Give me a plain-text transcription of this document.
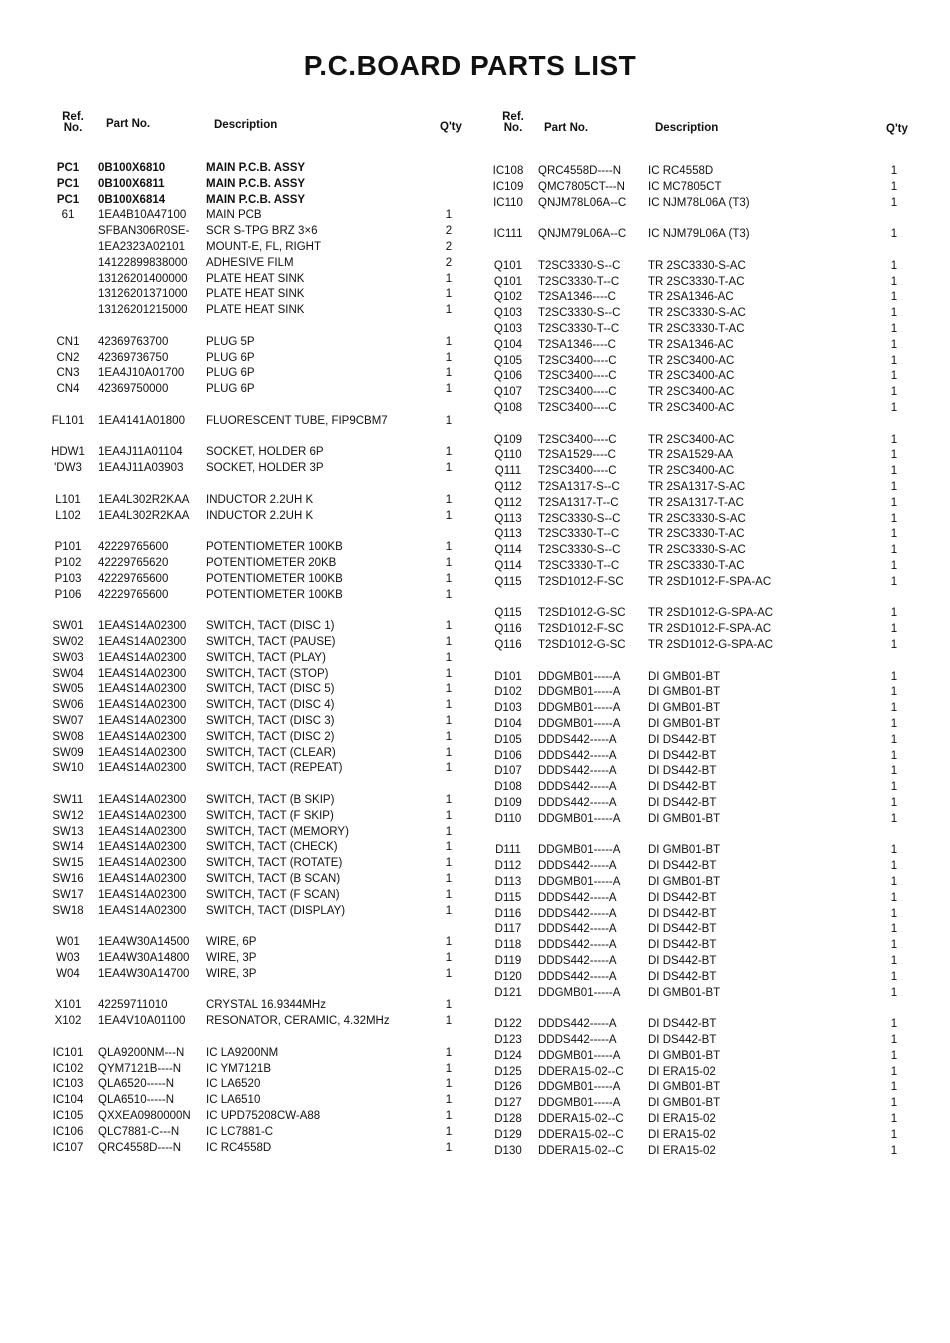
P.C.BOARD PARTS LIST
Ref. No.	Part No.	Description	Q'ty
PC1	0B100X6810	MAIN P.C.B. ASSY
PC1	0B100X6811	MAIN P.C.B. ASSY
PC1	0B100X6814	MAIN P.C.B. ASSY
61	1EA4B10A47100 MAIN PCB	1
SFBAN306R0SE- SCR S-TPG BRZ 3×6	2
1EA2323A02101 MOUNT-E, FL, RIGHT	2
14122899838000 ADHESIVE FILM	2
13126201400000 PLATE HEAT SINK	1
13126201371000 PLATE HEAT SINK	1
13126201215000 PLATE HEAT SINK	1
CN1	42369763700	PLUG 5P	1
CN2	42369736750	PLUG 6P	1
CN3	1EA4J10A01700 PLUG 6P	1
CN4	42369750000	PLUG 6P	1
FL101	1EA4141A01800 FLUORESCENT TUBE, FIP9CBM7	1
HDW1 1EA4J11A01104 SOCKET, HOLDER 6P	1
'DW3	1EA4J11A03903 SOCKET, HOLDER 3P	1
L101	1EA4L302R2KAA INDUCTOR 2.2UH K	1
L102	1EA4L302R2KAA INDUCTOR 2.2UH K	1
P101	42229765600	POTENTIOMETER 100KB	1
P102	42229765620	POTENTIOMETER 20KB	1
P103	42229765600	POTENTIOMETER 100KB	1
P106	42229765600	POTENTIOMETER 100KB	1
SW01	1EA4S14A02300 SWITCH, TACT (DISC 1)	1
SW02	1EA4S14A02300 SWITCH, TACT (PAUSE)	1
SW03	1EA4S14A02300 SWITCH, TACT (PLAY)	1
SW04	1EA4S14A02300 SWITCH, TACT (STOP)	1
SW05	1EA4S14A02300 SWITCH, TACT (DISC 5)	1
SW06	1EA4S14A02300 SWITCH, TACT (DISC 4)	1
SW07	1EA4S14A02300 SWITCH, TACT (DISC 3)	1
SW08	1EA4S14A02300 SWITCH, TACT (DISC 2)	1
SW09	1EA4S14A02300 SWITCH, TACT (CLEAR)	1
SW10	1EA4S14A02300 SWITCH, TACT (REPEAT)	1
SW11	1EA4S14A02300 SWITCH, TACT (B SKIP)	1
SW12	1EA4S14A02300 SWITCH, TACT (F SKIP)	1
SW13	1EA4S14A02300 SWITCH, TACT (MEMORY)	1
SW14	1EA4S14A02300 SWITCH, TACT (CHECK)	1
SW15	1EA4S14A02300 SWITCH, TACT (ROTATE)	1
SW16	1EA4S14A02300 SWITCH, TACT (B SCAN)	1
SW17	1EA4S14A02300 SWITCH, TACT (F SCAN)	1
SW18	1EA4S14A02300 SWITCH, TACT (DISPLAY)	1
W01	1EA4W30A14500 WIRE, 6P	1
W03	1EA4W30A14800 WIRE, 3P	1
W04	1EA4W30A14700 WIRE, 3P	1
X101	42259711010	CRYSTAL 16.9344MHz	1
X102	1EA4V10A01100 RESONATOR, CERAMIC, 4.32MHz	1
IC101	QLA9200NM---N IC LA9200NM	1
IC102	QYM7121B----N IC YM7121B	1
IC103	QLA6520-----N	IC LA6520	1
IC104	QLA6510-----N	IC LA6510	1
IC105	QXXEA0980000N IC UPD75208CW-A88	1
IC106	QLC7881-C---N IC LC7881-C	1
IC107	QRC4558D----N IC RC4558D	1
Ref. No.	Part No.	Description	Q'ty
IC108	QRC4558D----N IC RC4558D	1
IC109	QMC7805CT---N IC MC7805CT	1
IC110	QNJM78L06A--C IC NJM78L06A (T3)	1
IC111	QNJM79L06A--C IC NJM79L06A (T3)	1
Q101	T2SC3330-S--C TR 2SC3330-S-AC	1
Q101	T2SC3330-T--C	TR 2SC3330-T-AC	1
Q102	T2SA1346----C	TR 2SA1346-AC	1
Q103	T2SC3330-S--C TR 2SC3330-S-AC	1
Q103	T2SC3330-T--C	TR 2SC3330-T-AC	1
Q104	T2SA1346----C	TR 2SA1346-AC	1
Q105	T2SC3400----C	TR 2SC3400-AC	1
Q106	T2SC3400----C	TR 2SC3400-AC	1
Q107	T2SC3400----C	TR 2SC3400-AC	1
Q108	T2SC3400----C	TR 2SC3400-AC	1
Q109	T2SC3400----C	TR 2SC3400-AC	1
Q110	T2SA1529----C	TR 2SA1529-AA	1
Q111	T2SC3400----C	TR 2SC3400-AC	1
Q112	T2SA1317-S--C TR 2SA1317-S-AC	1
Q112	T2SA1317-T--C	TR 2SA1317-T-AC	1
Q113	T2SC3330-S--C TR 2SC3330-S-AC	1
Q113	T2SC3330-T--C	TR 2SC3330-T-AC	1
Q114	T2SC3330-S--C TR 2SC3330-S-AC	1
Q114	T2SC3330-T--C	TR 2SC3330-T-AC	1
Q115	T2SD1012-F-SC TR 2SD1012-F-SPA-AC	1
Q115	T2SD1012-G-SC TR 2SD1012-G-SPA-AC	1
Q116	T2SD1012-F-SC TR 2SD1012-F-SPA-AC	1
Q116	T2SD1012-G-SC TR 2SD1012-G-SPA-AC	1
D101	DDGMB01-----A DI GMB01-BT	1
D102	DDGMB01-----A DI GMB01-BT	1
D103	DDGMB01-----A DI GMB01-BT	1
D104	DDGMB01-----A DI GMB01-BT	1
D105	DDDS442-----A	DI DS442-BT	1
D106	DDDS442-----A	DI DS442-BT	1
D107	DDDS442-----A	DI DS442-BT	1
D108	DDDS442-----A	DI DS442-BT	1
D109	DDDS442-----A	DI DS442-BT	1
D110	DDGMB01-----A DI GMB01-BT	1
D111	DDGMB01-----A DI GMB01-BT	1
D112	DDDS442-----A	DI DS442-BT	1
D113	DDGMB01-----A DI GMB01-BT	1
D115	DDDS442-----A	DI DS442-BT	1
D116	DDDS442-----A	DI DS442-BT	1
D117	DDDS442-----A	DI DS442-BT	1
D118	DDDS442-----A	DI DS442-BT	1
D119	DDDS442-----A	DI DS442-BT	1
D120	DDDS442-----A	DI DS442-BT	1
D121	DDGMB01-----A DI GMB01-BT	1
D122	DDDS442-----A	DI DS442-BT	1
D123	DDDS442-----A	DI DS442-BT	1
D124	DDGMB01-----A DI GMB01-BT	1
D125	DDERA15-02--C DI ERA15-02	1
D126	DDGMB01-----A DI GMB01-BT	1
D127	DDGMB01-----A DI GMB01-BT	1
D128	DDERA15-02--C DI ERA15-02	1
D129	DDERA15-02--C DI ERA15-02	1
D130	DDERA15-02--C DI ERA15-02	1
